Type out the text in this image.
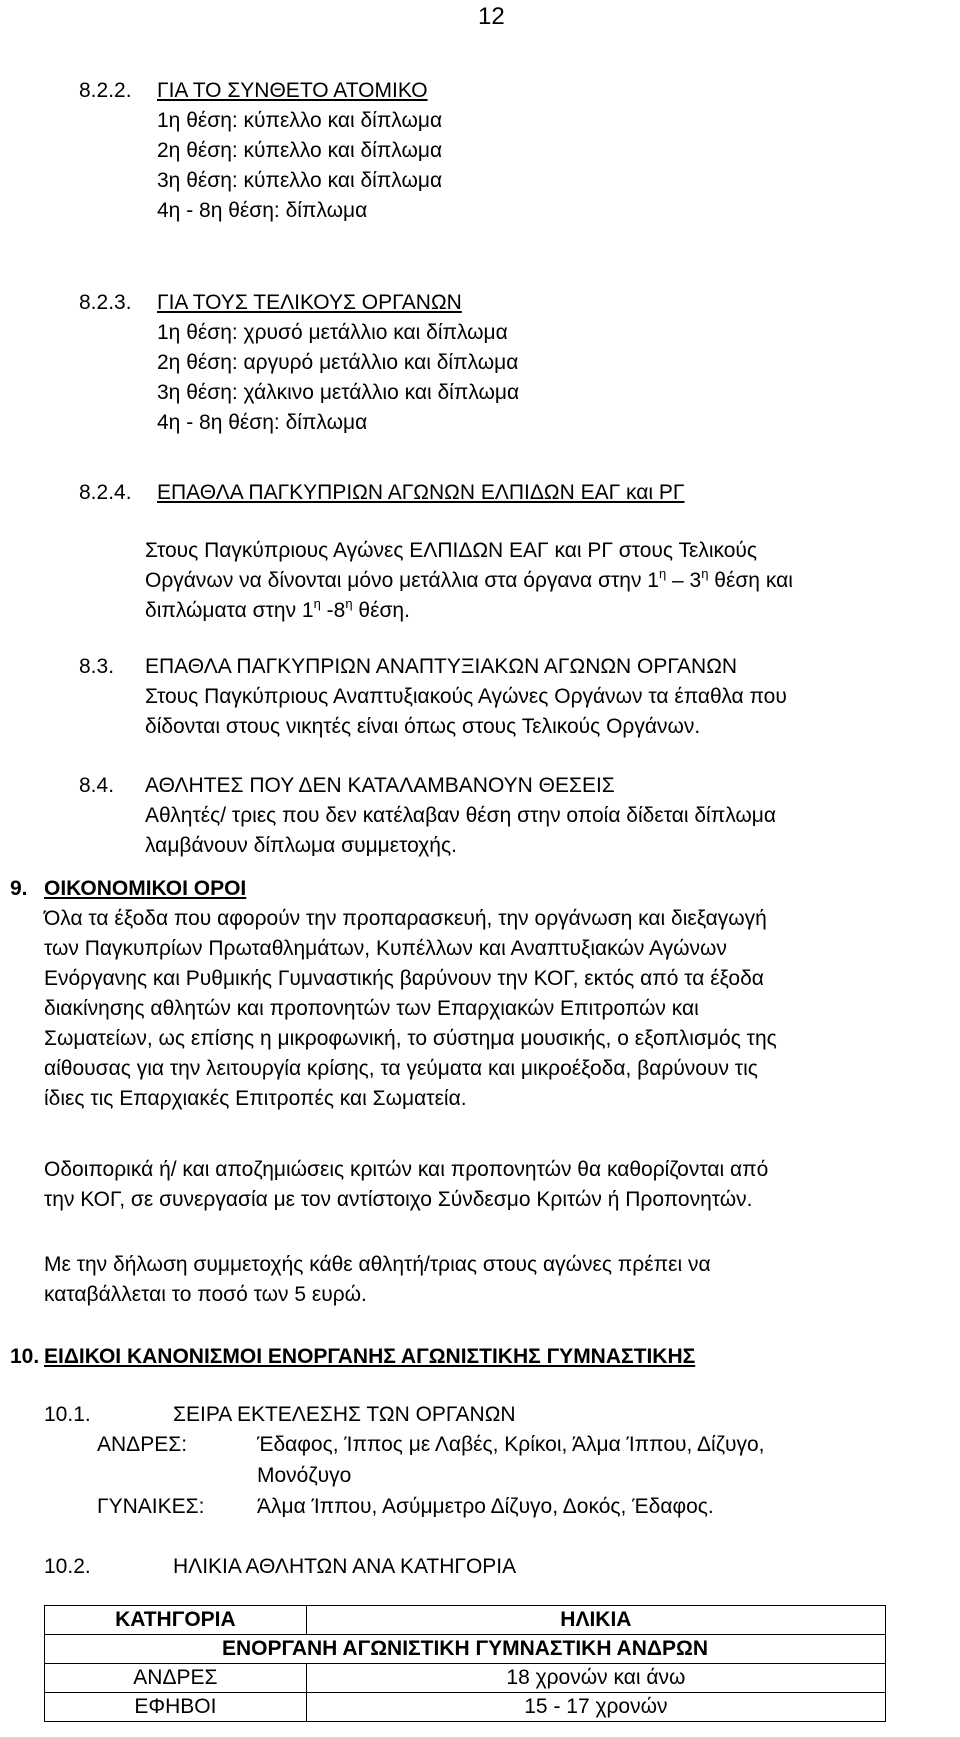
12
8.2.2. ΓΙΑ ΤΟ ΣΥΝΘΕΤΟ ΑΤΟΜΙΚΟ
1η θέση: κύπελλο και δίπλωμα
2η θέση: κύπελλο και δίπλωμα
3η θέση: κύπελλο και δίπλωμα
4η - 8η θέση: δίπλωμα
8.2.3. ΓΙΑ ΤΟΥΣ ΤΕΛΙΚΟΥΣ ΟΡΓΑΝΩΝ
1η θέση: χρυσό μετάλλιο και δίπλωμα
2η θέση: αργυρό μετάλλιο και δίπλωμα
3η θέση: χάλκινο μετάλλιο και δίπλωμα
4η - 8η θέση: δίπλωμα
8.2.4. ΕΠΑΘΛΑ ΠΑΓΚΥΠΡΙΩΝ ΑΓΩΝΩΝ ΕΛΠΙΔΩΝ ΕΑΓ και ΡΓ
Στους Παγκύπριους Αγώνες ΕΛΠΙΔΩΝ ΕΑΓ και ΡΓ στους Τελικούς
Οργάνων να δίνονται μόνο μετάλλια στα όργανα στην $1^\eta - 3^\eta$ θέση και
διπλώματα στην $1^\eta$ $-8^\eta$ θέση.
8.3. ΕΠΑΘΛΑ ΠΑΓΚΥΠΡΙΩΝ ΑΝΑΠΤΥΞΙΑΚΩΝ ΑΓΩΝΩΝ ΟΡΓΑΝΩΝ
Στους Παγκύπριους Αναπτυξιακούς Αγώνες Οργάνων τα έπαθλα που
δίδονται στους νικητές είναι όπως στους Τελικούς Οργάνων.
8.4. ΑΘΛΗΤΕΣ ΠΟΥ ΔΕΝ ΚΑΤΑΛΑΜΒΑΝΟΥΝ ΘΕΣΕΙΣ
Αθλητές/ τριες που δεν κατέλαβαν θέση στην οποία δίδεται δίπλωμα
λαμβάνουν δίπλωμα συμμετοχής.
9. ΟΙΚΟΝΟΜΙΚΟΙ ΟΡΟΙ
Όλα τα έξοδα που αφορούν την προπαρασκευή, την οργάνωση και διεξαγωγή
των Παγκυπρίων Πρωταθλημάτων, Κυπέλλων και Αναπτυξιακών Αγώνων
Ενόργανης και Ρυθμικής Γυμναστικής βαρύνουν την ΚΟΓ, εκτός από τα έξοδα
διακίνησης αθλητών και προπονητών των Επαρχιακών Επιτροπών και
Σωματείων, ως επίσης η μικροφωνική, το σύστημα μουσικής, ο εξοπλισμός της
αίθουσας για την λειτουργία κρίσης, τα γεύματα και μικροέξοδα, βαρύνουν τις
ίδιες τις Επαρχιακές Επιτροπές και Σωματεία.
Οδοιπορικά ή/ και αποζημιώσεις κριτών και προπονητών θα καθορίζονται από
την ΚΟΓ, σε συνεργασία με τον αντίστοιχο Σύνδεσμο Κριτών ή Προπονητών.
Με την δήλωση συμμετοχής κάθε αθλητή/τριας στους αγώνες πρέπει να
καταβάλλεται το ποσό των 5 ευρώ.
10. ΕΙΔΙΚΟΙ ΚΑΝΟΝΙΣΜΟΙ ΕΝΟΡΓΑΝΗΣ ΑΓΩΝΙΣΤΙΚΗΣ ΓΥΜΝΑΣΤΙΚΗΣ
10.1.	ΣΕΙΡΑ ΕΚΤΕΛΕΣΗΣ ΤΩΝ ΟΡΓΑΝΩΝ
ΑΝΔΡΕΣ:	Έδαφος, Ίππος με Λαβές, Κρίκοι, Άλμα Ίππου, Δίζυγο,
Μονόζυγο
ΓΥΝΑΙΚΕΣ:	Άλμα Ίππου, Ασύμμετρο Δίζυγο, Δοκός, Έδαφος.
10.2.	ΗΛΙΚΙΑ ΑΘΛΗΤΩΝ ΑΝΑ ΚΑΤΗΓΟΡΙΑ
ΚΑΤΗΓΟΡΙΑ	ΗΛΙΚΙΑ
ΕΝΟΡΓΑΝΗ ΑΓΩΝΙΣΤΙΚΗ ΓΥΜΝΑΣΤΙΚΗ ΑΝΔΡΩΝ	
ΑΝΔΡΕΣ	18 χρονών και άνω
ΕΦΗΒΟΙ	15 - 17 χρονών
